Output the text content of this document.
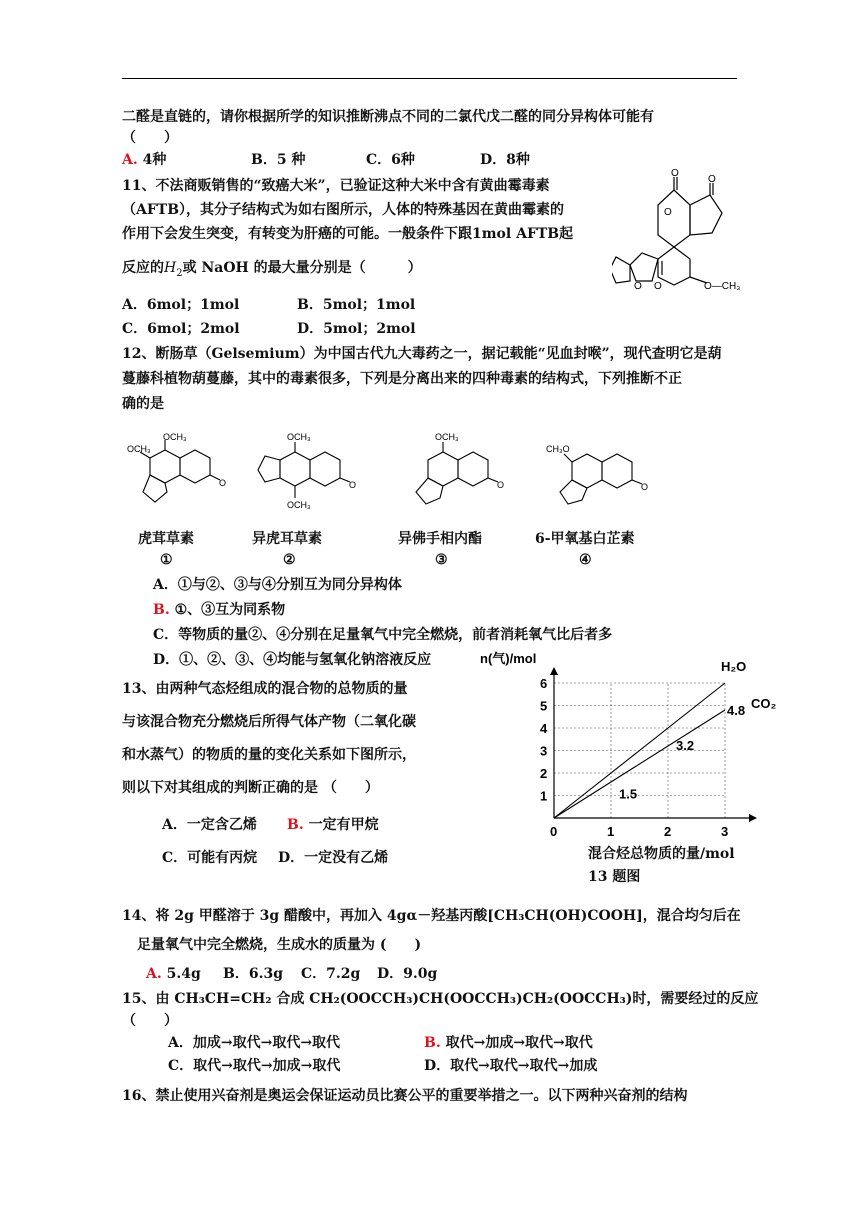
二醛是直链的，请你根据所学的知识推断沸点不同的二氯代戊二醛的同分异构体可能有
（　　）
A. 4种	B．5 种	C．6种	D．8种
11、不法商贩销售的“致癌大米”，已验证这种大米中含有黄曲霉毒素
（AFTB），其分子结构式为如右图所示，人体的特殊基因在黄曲霉素的
作用下会发生突变，有转变为肝癌的可能。一般条件下跟1mol AFTB起
反应的$H_2$或 NaOH 的最大量分别是（　　　）
A．6mol；1mol	B．5mol；1mol
C．6mol；2mol	D．5mol；2mol
O
O
O
O O	O—CH₃
12、断肠草（Gelsemium）为中国古代九大毒药之一，据记载能“见血封喉”，现代查明它是葫
蔓藤科植物葫蔓藤，其中的毒素很多，下列是分离出来的四种毒素的结构式，下列推断不正
确的是
OCH₃
OCH₃
O
OCH₃
OCH₃
O
OCH₃
O
CH₃O
O
虎茸草素
①
异虎耳草素
②
异佛手相内酯
③
6-甲氧基白芷素
④
A．①与②、③与④分别互为同分异构体
B. ①、③互为同系物
C．等物质的量②、④分别在足量氧气中完全燃烧，前者消耗氧气比后者多
D．①、②、③、④均能与氢氧化钠溶液反应
13、由两种气态烃组成的混合物的总物质的量
与该混合物充分燃烧后所得气体产物（二氧化碳
和水蒸气）的物质的量的变化关系如下图所示，
则以下对其组成的判断正确的是 （　　）
A．一定含乙烯 B. 一定有甲烷
C．可能有丙烷 D．一定没有乙烯
0	1	2	3
1
2
3
4
5
6
H₂O
CO₂
4.8
3.2
1.5
n(气)/mol
混合烃总物质的量/mol
13 题图
14、将 2g 甲醛溶于 3g 醋酸中，再加入 4gα－羟基丙酸[CH₃CH(OH)COOH]，混合均匀后在
足量氧气中完全燃烧，生成水的质量为 (　　)
A. 5.4g B．6.3g C．7.2g D．9.0g
15、由 CH₃CH=CH₂ 合成 CH₂(OOCCH₃)CH(OOCCH₃)CH₂(OOCCH₃)时，需要经过的反应
（　　）
A．加成→取代→取代→取代	B. 取代→加成→取代→取代
C．取代→取代→加成→取代	D．取代→取代→取代→加成
16、禁止使用兴奋剂是奥运会保证运动员比赛公平的重要举措之一。以下两种兴奋剂的结构
